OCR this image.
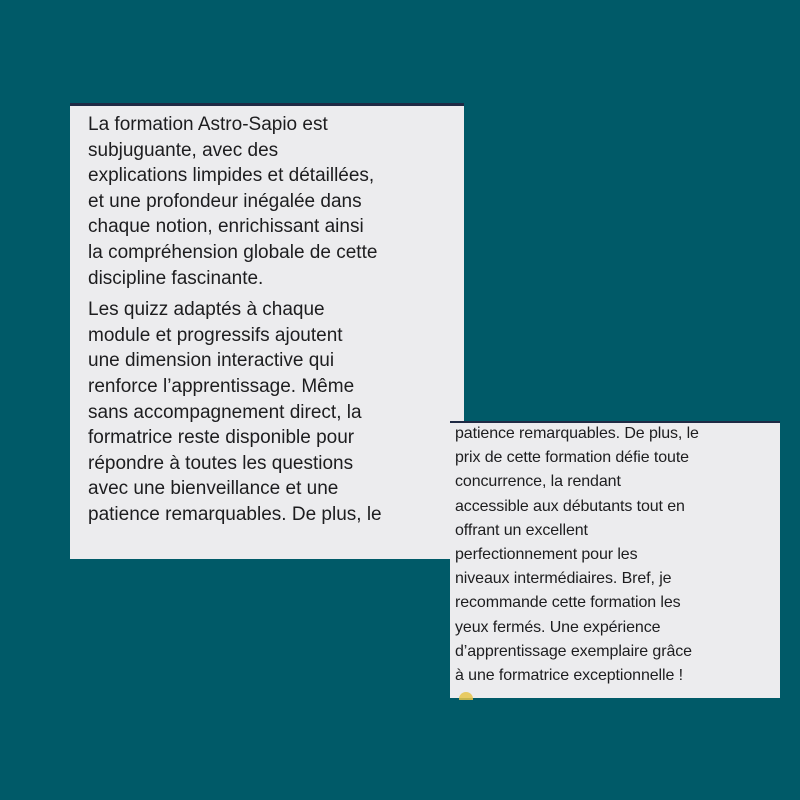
La formation Astro-Sapio est
subjuguante, avec des
explications limpides et détaillées,
et une profondeur inégalée dans
chaque notion, enrichissant ainsi
la compréhension globale de cette
discipline fascinante.

Les quizz adaptés à chaque
module et progressifs ajoutent
une dimension interactive qui
renforce l’apprentissage. Même
sans accompagnement direct, la
formatrice reste disponible pour
répondre à toutes les questions
avec une bienveillance et une
patience remarquables. De plus, le

patience remarquables. De plus, le
prix de cette formation défie toute
concurrence, la rendant
accessible aux débutants tout en
offrant un excellent
perfectionnement pour les
niveaux intermédiaires. Bref, je
recommande cette formation les
yeux fermés. Une expérience
d’apprentissage exemplaire grâce
à une formatrice exceptionnelle !
